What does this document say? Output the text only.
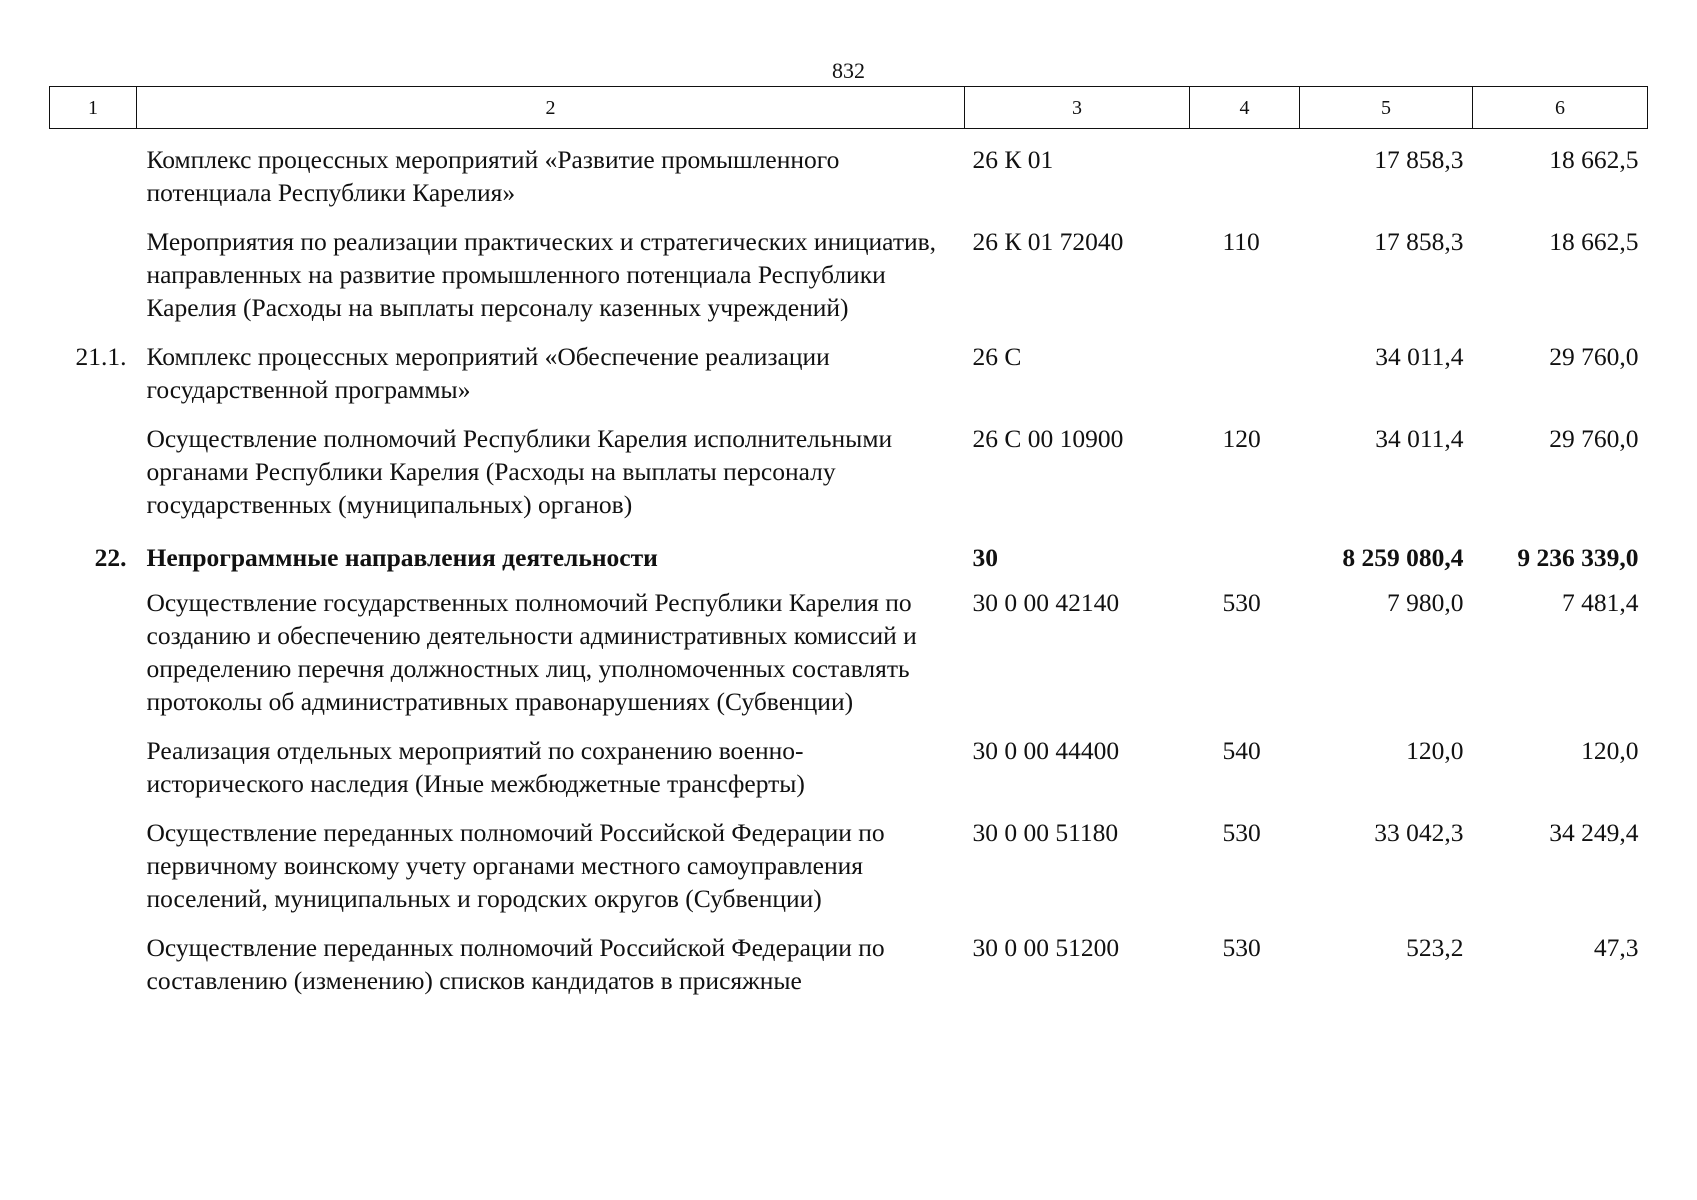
832
1	2	3	4	5	6
	Комплекс процессных мероприятий «Развитие промышленного потенциала Республики Карелия»	26 К 01		17 858,3	18 662,5
	Мероприятия по реализации практических и стратегических инициатив, направленных на развитие промышленного потенциала Республики Карелия (Расходы на выплаты персоналу казенных учреждений)	26 К 01 72040	110	17 858,3	18 662,5
21.1.	Комплекс процессных мероприятий «Обеспечение реализации государственной программы»	26 С		34 011,4	29 760,0
	Осуществление полномочий Республики Карелия исполнительными органами Республики Карелия (Расходы на выплаты персоналу государственных (муниципальных) органов)	26 С 00 10900	120	34 011,4	29 760,0
22.	Непрограммные направления деятельности	30		8 259 080,4	9 236 339,0
	Осуществление государственных полномочий Республики Карелия по созданию и обеспечению деятельности административных комиссий и определению перечня должностных лиц, уполномоченных составлять протоколы об административных правонарушениях (Субвенции)	30 0 00 42140	530	7 980,0	7 481,4
	Реализация отдельных мероприятий по сохранению военно-исторического наследия (Иные межбюджетные трансферты)	30 0 00 44400	540	120,0	120,0
	Осуществление переданных полномочий Российской Федерации по первичному воинскому учету органами местного самоуправления поселений, муниципальных и городских округов (Субвенции)	30 0 00 51180	530	33 042,3	34 249,4
	Осуществление переданных полномочий Российской Федерации по составлению (изменению) списков кандидатов в присяжные	30 0 00 51200	530	523,2	47,3
